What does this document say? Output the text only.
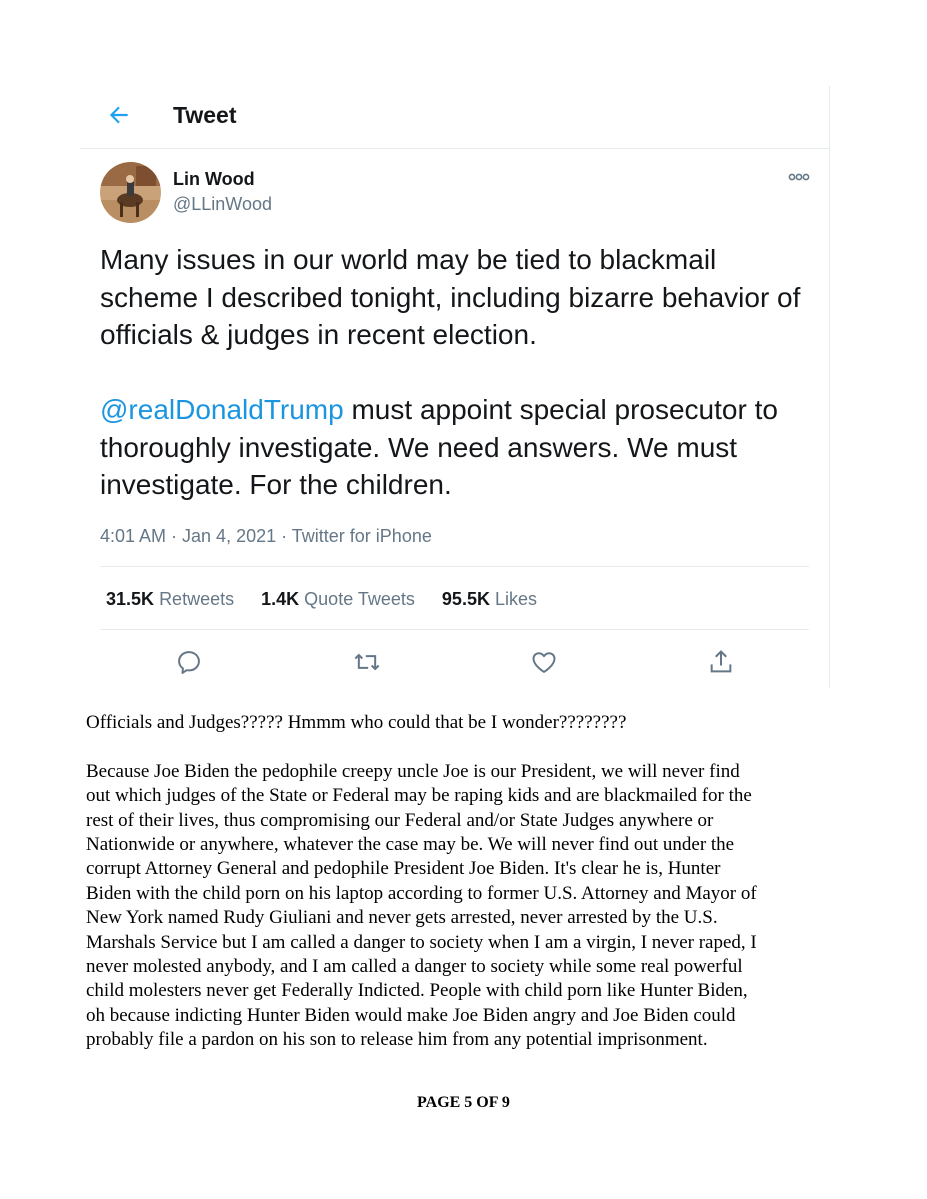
Tweet
Lin Wood
@LLinWood

Many issues in our world may be tied to blackmail scheme I described tonight, including bizarre behavior of officials & judges in recent election.

@realDonaldTrump must appoint special prosecutor to thoroughly investigate. We need answers. We must investigate. For the children.

4:01 AM · Jan 4, 2021 · Twitter for iPhone
31.5K Retweets 1.4K Quote Tweets 95.5K Likes

Officials and Judges????? Hmmm who could that be I wonder????????

Because Joe Biden the pedophile creepy uncle Joe is our President, we will never find
out which judges of the State or Federal may be raping kids and are blackmailed for the
rest of their lives, thus compromising our Federal and/or State Judges anywhere or
Nationwide or anywhere, whatever the case may be. We will never find out under the
corrupt Attorney General and pedophile President Joe Biden. It's clear he is, Hunter
Biden with the child porn on his laptop according to former U.S. Attorney and Mayor of
New York named Rudy Giuliani and never gets arrested, never arrested by the U.S.
Marshals Service but I am called a danger to society when I am a virgin, I never raped, I
never molested anybody, and I am called a danger to society while some real powerful
child molesters never get Federally Indicted. People with child porn like Hunter Biden,
oh because indicting Hunter Biden would make Joe Biden angry and Joe Biden could
probably file a pardon on his son to release him from any potential imprisonment.

PAGE 5 OF 9
